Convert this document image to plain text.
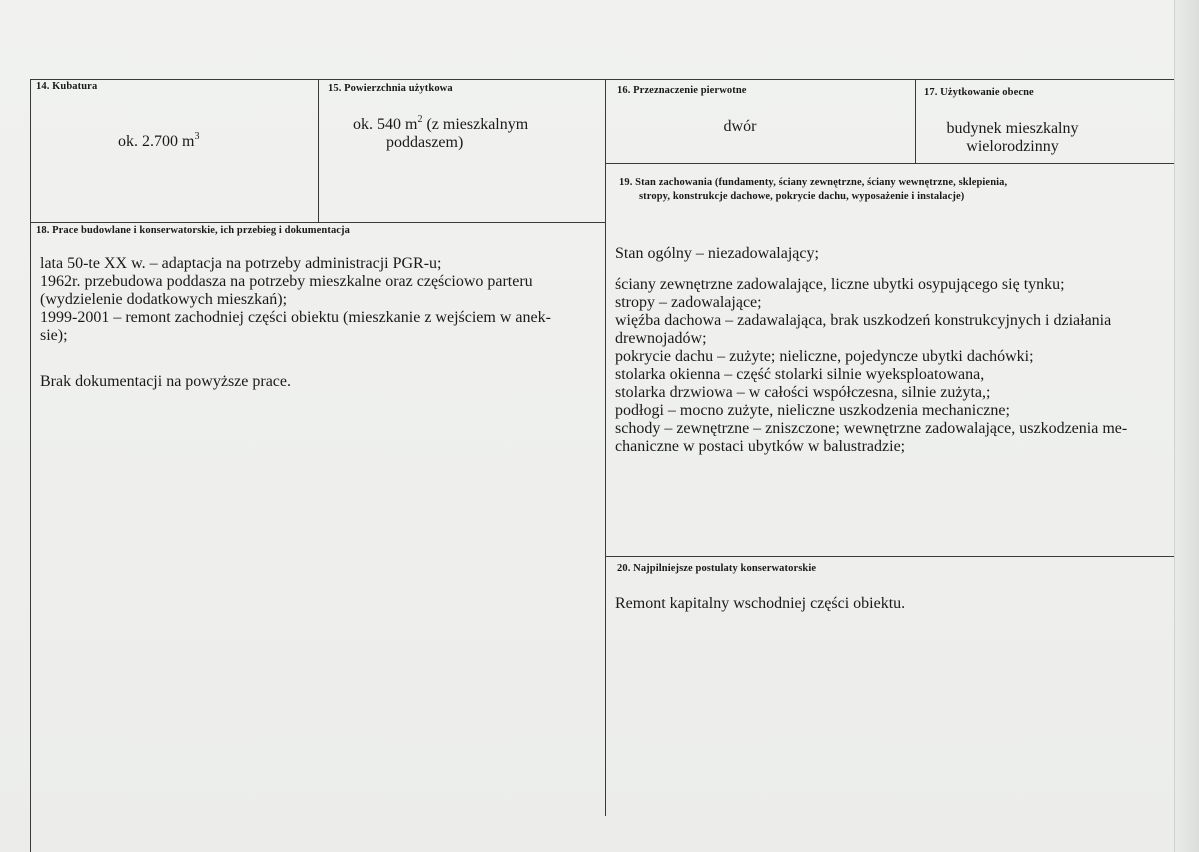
14. Kubatura
ok. 2.700 $m^3$
15. Powierzchnia użytkowa
ok. 540 $m^2$ (z mieszkalnym
poddaszem)
16. Przeznaczenie pierwotne
dwór
17. Użytkowanie obecne
budynek mieszkalny
wielorodzinny
19. Stan zachowania (fundamenty, ściany zewnętrzne, ściany wewnętrzne, sklepienia,
stropy, konstrukcje dachowe, pokrycie dachu, wyposażenie i instalacje)
Stan ogólny – niezadowalający;

ściany zewnętrzne zadowalające, liczne ubytki osypującego się tynku;

stropy – zadowalające;

więźba dachowa – zadawalająca, brak uszkodzeń konstrukcyjnych i działania

drewnojadów;

pokrycie dachu – zużyte; nieliczne, pojedyncze ubytki dachówki;

stolarka okienna – część stolarki silnie wyeksploatowana,

stolarka drzwiowa – w całości współczesna, silnie zużyta,;

podłogi – mocno zużyte, nieliczne uszkodzenia mechaniczne;

schody – zewnętrzne – zniszczone; wewnętrzne zadowalające, uszkodzenia me-

chaniczne w postaci ubytków w balustradzie;

18. Prace budowlane i konserwatorskie, ich przebieg i dokumentacja

lata 50-te XX w. – adaptacja na potrzeby administracji PGR-u;

1962r. przebudowa poddasza na potrzeby mieszkalne oraz częściowo parteru

(wydzielenie dodatkowych mieszkań);

1999-2001 – remont zachodniej części obiektu (mieszkanie z wejściem w anek-

sie);

Brak dokumentacji na powyższe prace.
20. Najpilniejsze postulaty konserwatorskie
Remont kapitalny wschodniej części obiektu.
